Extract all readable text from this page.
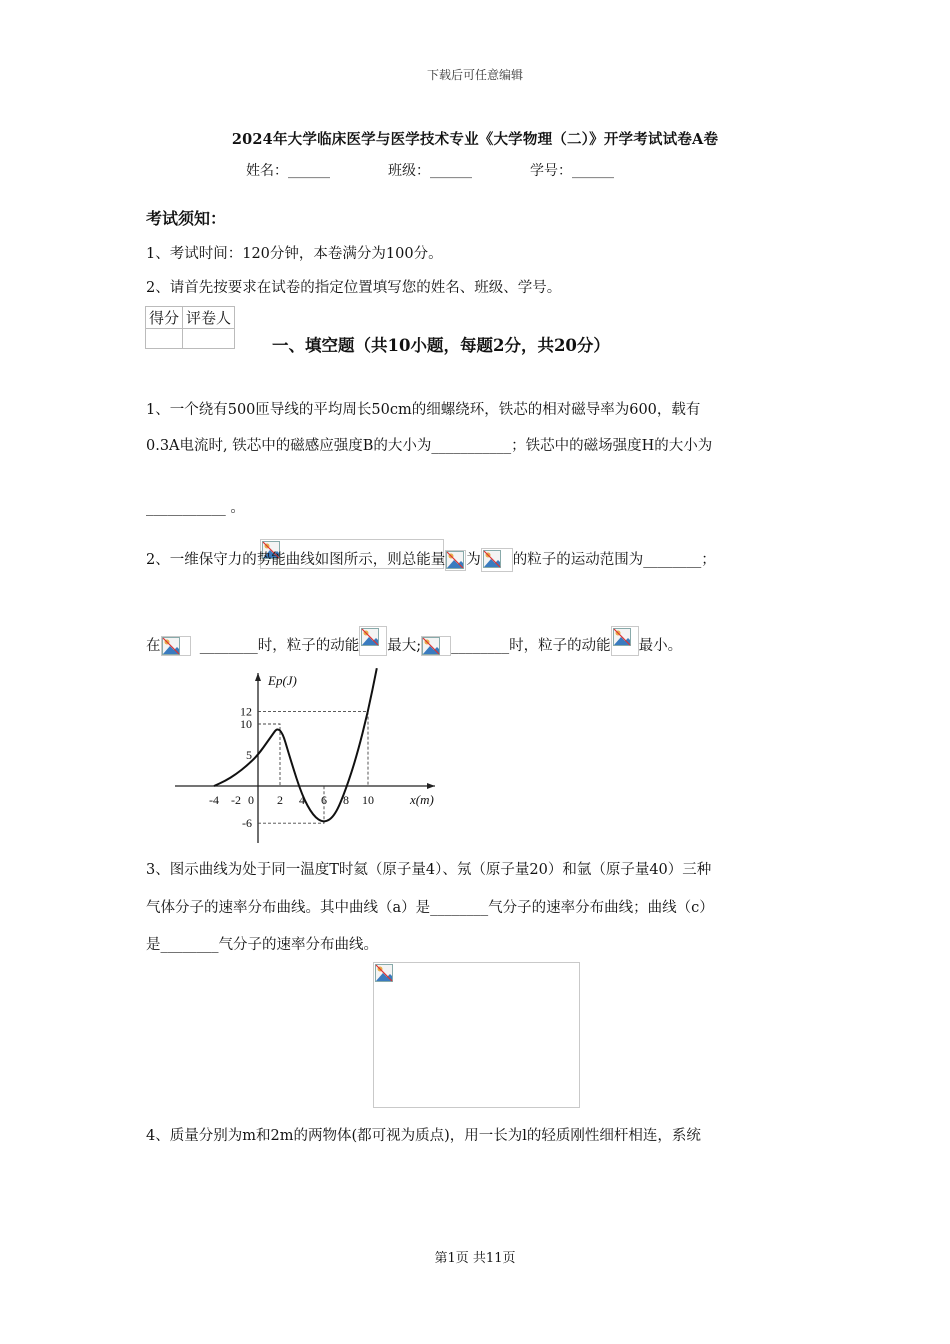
下载后可任意编辑
2024年大学临床医学与医学技术专业《大学物理（二）》开学考试试卷A卷
姓名：______	班级：______	学号：______
考试须知：
1、考试时间：120分钟，本卷满分为100分。
2、请首先按要求在试卷的指定位置填写您的姓名、班级、学号。
得分	评卷人

一、填空题（共10小题，每题2分，共20分）
1、一个绕有500匝导线的平均周长50cm的细螺绕环，铁芯的相对磁导率为600，载有
0.3A电流时, 铁芯中的磁感应强度B的大小为___________；铁芯中的磁场强度H的大小为
___________ 。

2、一维保守力的势能曲线如图所示，则总能量 为 的粒子的运动范围为________；
在	________时，粒子的动能 最大; ________时，粒子的动能 最小。
-4 -2 0 2 4 6 8 10
12
10
5
-6
Ep(J)
x(m)
3、图示曲线为处于同一温度T时氦（原子量4）、氖（原子量20）和氩（原子量40）三种
气体分子的速率分布曲线。其中曲线（a）是________气分子的速率分布曲线；曲线（c）
是________气分子的速率分布曲线。
4、质量分别为m和2m的两物体(都可视为质点)，用一长为l的轻质刚性细杆相连，系统
第1页 共11页
